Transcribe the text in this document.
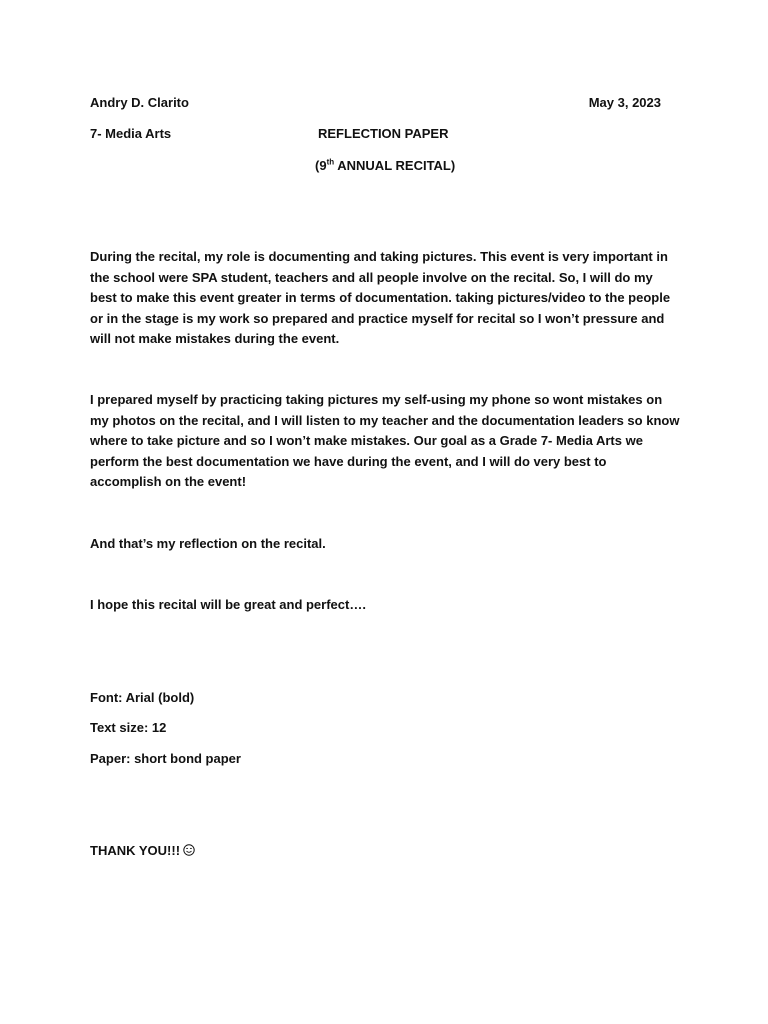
Andry D. Clarito	May 3, 2023

7- Media Arts	REFLECTION PAPER

(9th ANNUAL RECITAL)

During the recital, my role is documenting and taking pictures. This event is very important in the school were SPA student, teachers and all people involve on the recital. So, I will do my best to make this event greater in terms of documentation. taking pictures/video to the people or in the stage is my work so prepared and practice myself for recital so I won’t pressure and will not make mistakes during the event.

I prepared myself by practicing taking pictures my self-using my phone so wont mistakes on my photos on the recital, and I will listen to my teacher and the documentation leaders so know where to take picture and so I won’t make mistakes. Our goal as a Grade 7- Media Arts we perform the best documentation we have during the event, and I will do very best to accomplish on the event!

And that’s my reflection on the recital.

I hope this recital will be great and perfect….

Font: Arial (bold)

Text size: 12

Paper: short bond paper

THANK YOU!!!
